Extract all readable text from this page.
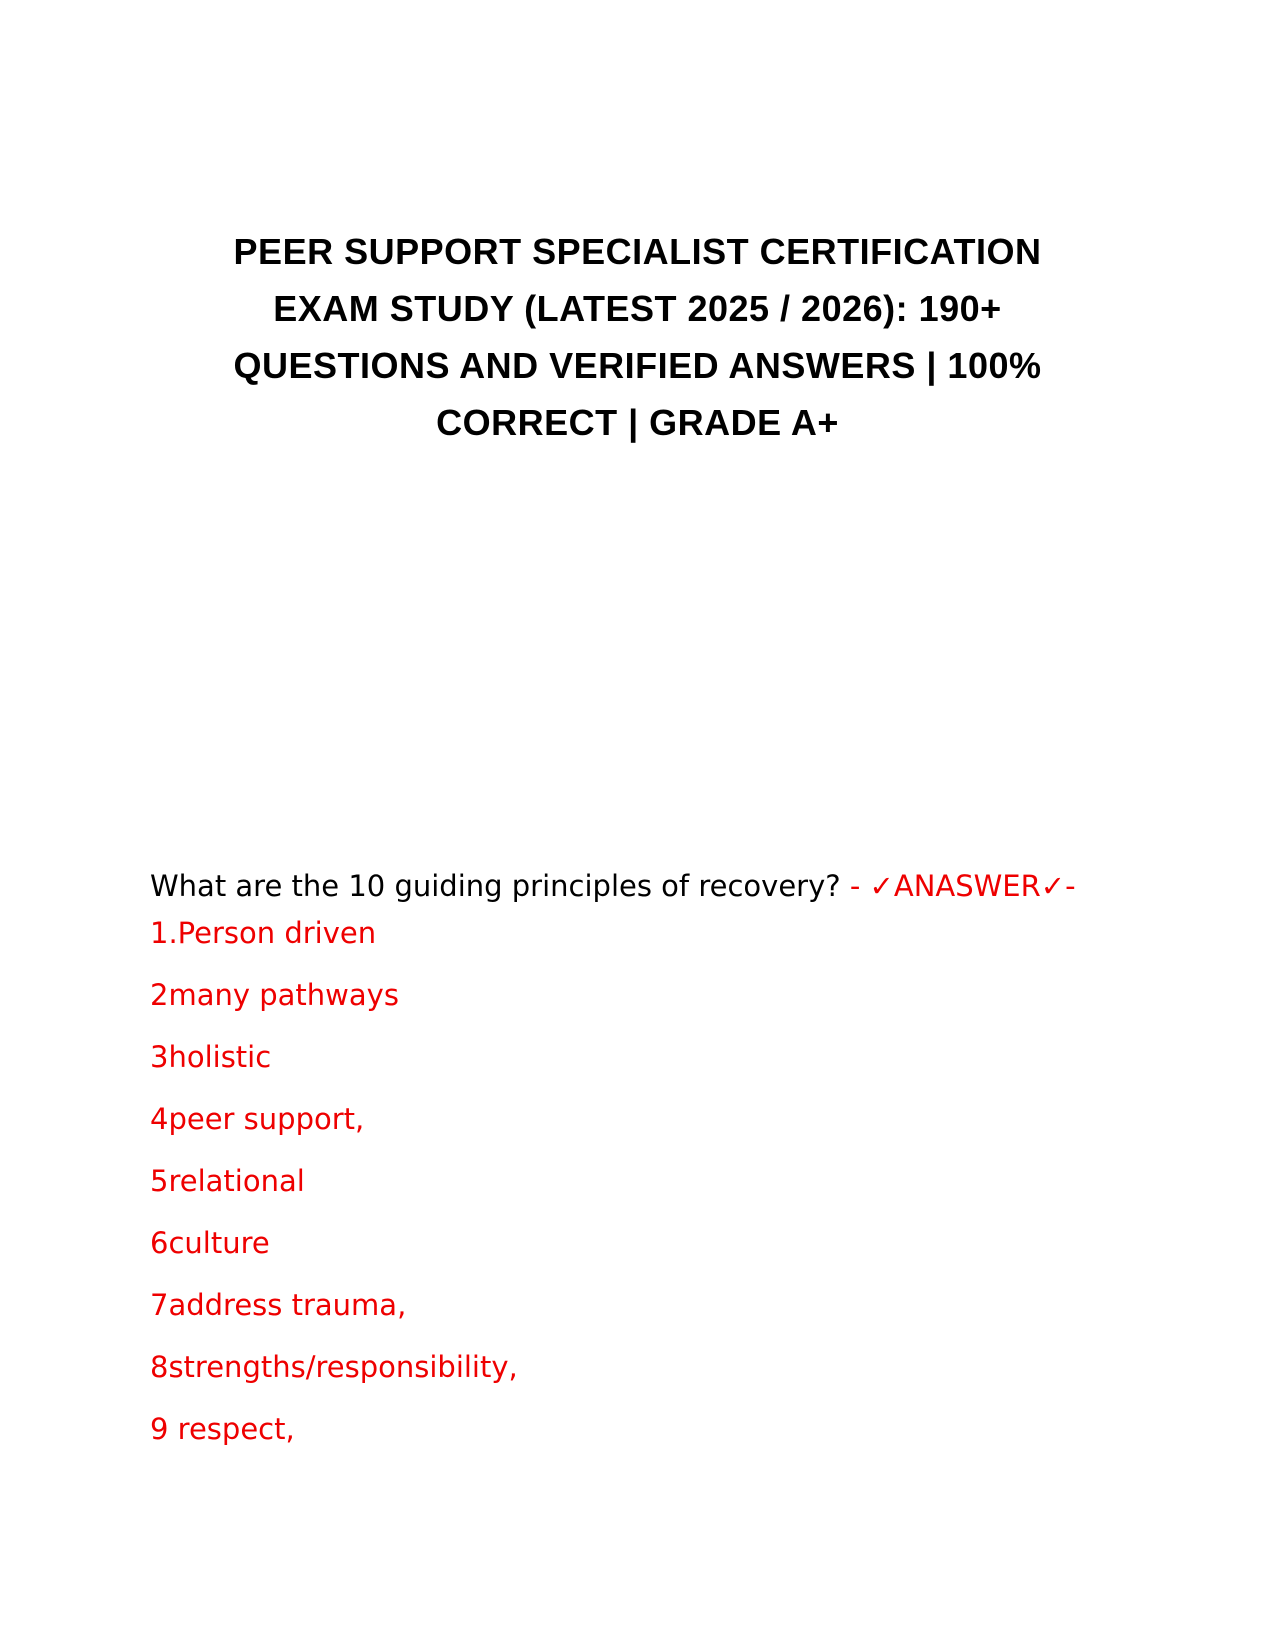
PEER SUPPORT SPECIALIST CERTIFICATION
EXAM STUDY (LATEST 2025 / 2026): 190+
QUESTIONS AND VERIFIED ANSWERS | 100%
CORRECT | GRADE A+
What are the 10 guiding principles of recovery? - ✓ANASWER✓-
1.Person driven
2many pathways
3holistic
4peer support,
5relational
6culture
7address trauma,
8strengths/responsibility,
9 respect,
